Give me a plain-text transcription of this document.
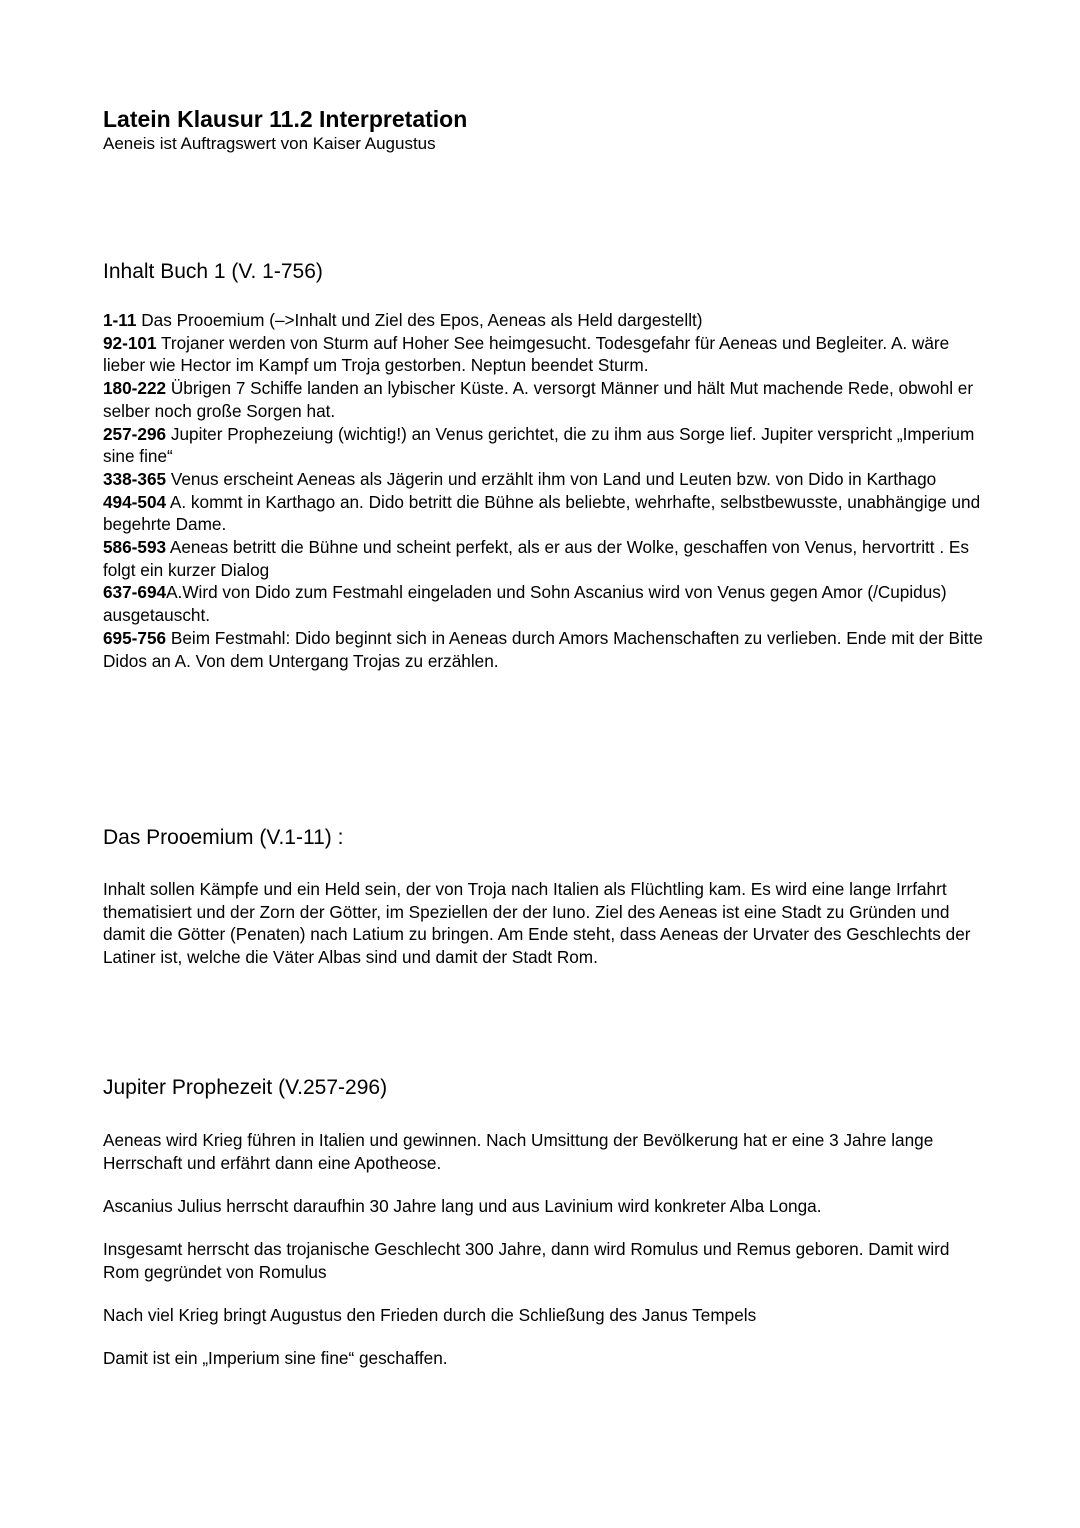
Latein Klausur 11.2 Interpretation
Aeneis ist Auftragswert von Kaiser Augustus
Inhalt Buch 1 (V. 1-756)

1-11 Das Prooemium (–>Inhalt und Ziel des Epos, Aeneas als Held dargestellt)

92-101 Trojaner werden von Sturm auf Hoher See heimgesucht. Todesgefahr für Aeneas und Begleiter. A. wäre lieber wie Hector im Kampf um Troja gestorben. Neptun beendet Sturm.

180-222 Übrigen 7 Schiffe landen an lybischer Küste. A. versorgt Männer und hält Mut machende Rede, obwohl er selber noch große Sorgen hat.

257-296 Jupiter Prophezeiung (wichtig!) an Venus gerichtet, die zu ihm aus Sorge lief. Jupiter verspricht „Imperium sine fine“

338-365 Venus erscheint Aeneas als Jägerin und erzählt ihm von Land und Leuten bzw. von Dido in Karthago

494-504 A. kommt in Karthago an. Dido betritt die Bühne als beliebte, wehrhafte, selbstbewusste, unabhängige und begehrte Dame.

586-593 Aeneas betritt die Bühne und scheint perfekt, als er aus der Wolke, geschaffen von Venus, hervortritt . Es folgt ein kurzer Dialog

637-694A.Wird von Dido zum Festmahl eingeladen und Sohn Ascanius wird von Venus gegen Amor (/Cupidus) ausgetauscht.

695-756 Beim Festmahl: Dido beginnt sich in Aeneas durch Amors Machenschaften zu verlieben. Ende mit der Bitte Didos an A. Von dem Untergang Trojas zu erzählen.

Das Prooemium (V.1-11) :

Inhalt sollen Kämpfe und ein Held sein, der von Troja nach Italien als Flüchtling kam. Es wird eine lange Irrfahrt thematisiert und der Zorn der Götter, im Speziellen der der Iuno. Ziel des Aeneas ist eine Stadt zu Gründen und damit die Götter (Penaten) nach Latium zu bringen. Am Ende steht, dass Aeneas der Urvater des Geschlechts der Latiner ist, welche die Väter Albas sind und damit der Stadt Rom.

Jupiter Prophezeit (V.257-296)

Aeneas wird Krieg führen in Italien und gewinnen. Nach Umsittung der Bevölkerung hat er eine 3 Jahre lange Herrschaft und erfährt dann eine Apotheose.

Ascanius Julius herrscht daraufhin 30 Jahre lang und aus Lavinium wird konkreter Alba Longa.

Insgesamt herrscht das trojanische Geschlecht 300 Jahre, dann wird Romulus und Remus geboren. Damit wird Rom gegründet von Romulus

Nach viel Krieg bringt Augustus den Frieden durch die Schließung des Janus Tempels

Damit ist ein „Imperium sine fine“ geschaffen.
